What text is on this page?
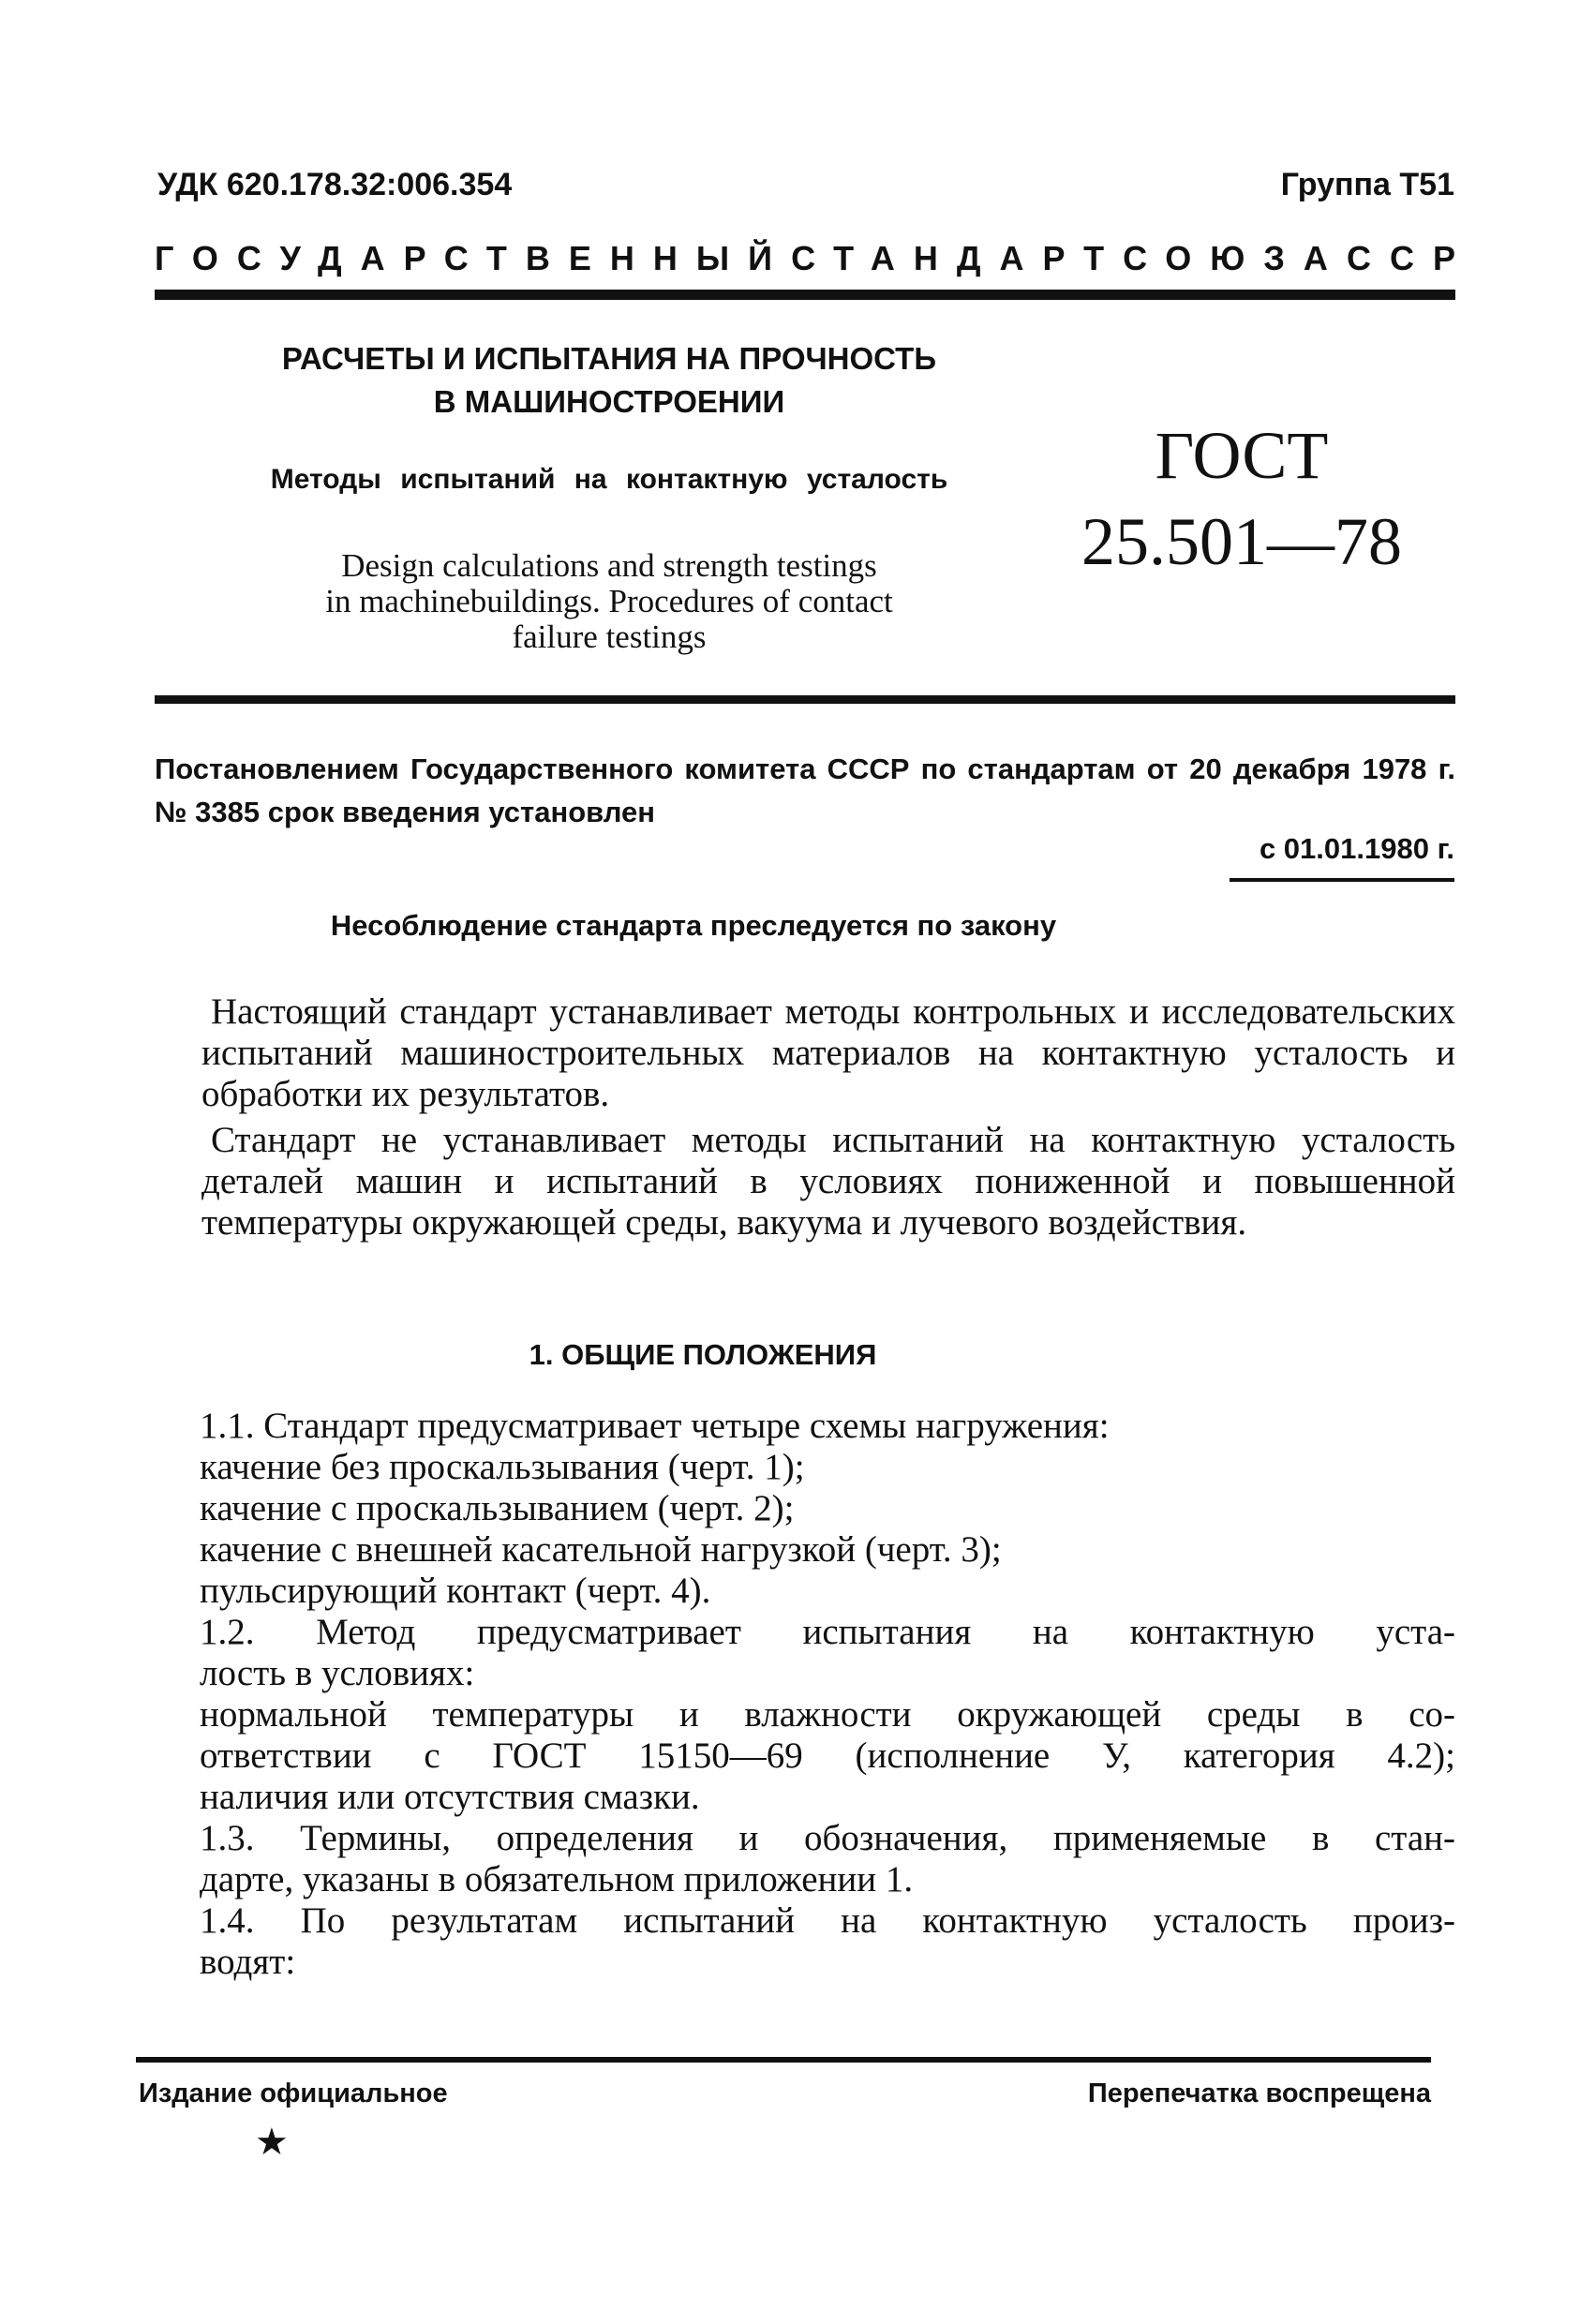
УДК 620.178.32:006.354	Группа Т51
ГОСУДАРСТВЕННЫЙ СТАНДАРТ СОЮЗА ССР
РАСЧЕТЫ И ИСПЫТАНИЯ НА ПРОЧНОСТЬ
В МАШИНОСТРОЕНИИ
Методы испытаний на контактную усталость
Design calculations and strength testings
in machinebuildings. Procedures of contact
failure testings
ГОСТ
25.501—78
Постановлением Государственного комитета СССР по стандартам от 20 декабря 1978 г. № 3385 срок введения установлен
с 01.01.1980 г.
Несоблюдение стандарта преследуется по закону
Настоящий стандарт устанавливает методы контрольных и исследовательских испытаний машиностроительных материалов на контактную усталость и обработки их результатов.
Стандарт не устанавливает методы испытаний на контактную усталость деталей машин и испытаний в условиях пониженной и повышенной температуры окружающей среды, вакуума и лучевого воздействия.
1. ОБЩИЕ ПОЛОЖЕНИЯ
1.1. Стандарт предусматривает четыре схемы нагружения:
качение без проскальзывания (черт. 1);
качение с проскальзыванием (черт. 2);
качение с внешней касательной нагрузкой (черт. 3);
пульсирующий контакт (черт. 4).
1.2. Метод предусматривает испытания на контактную уста-
лость в условиях:
нормальной температуры и влажности окружающей среды в со-
ответствии с ГОСТ 15150—69 (исполнение У, категория 4.2);
наличия или отсутствия смазки.
1.3. Термины, определения и обозначения, применяемые в стан-
дарте, указаны в обязательном приложении 1.
1.4. По результатам испытаний на контактную усталость произ-
водят:
Издание официальное	Перепечатка воспрещена
★
